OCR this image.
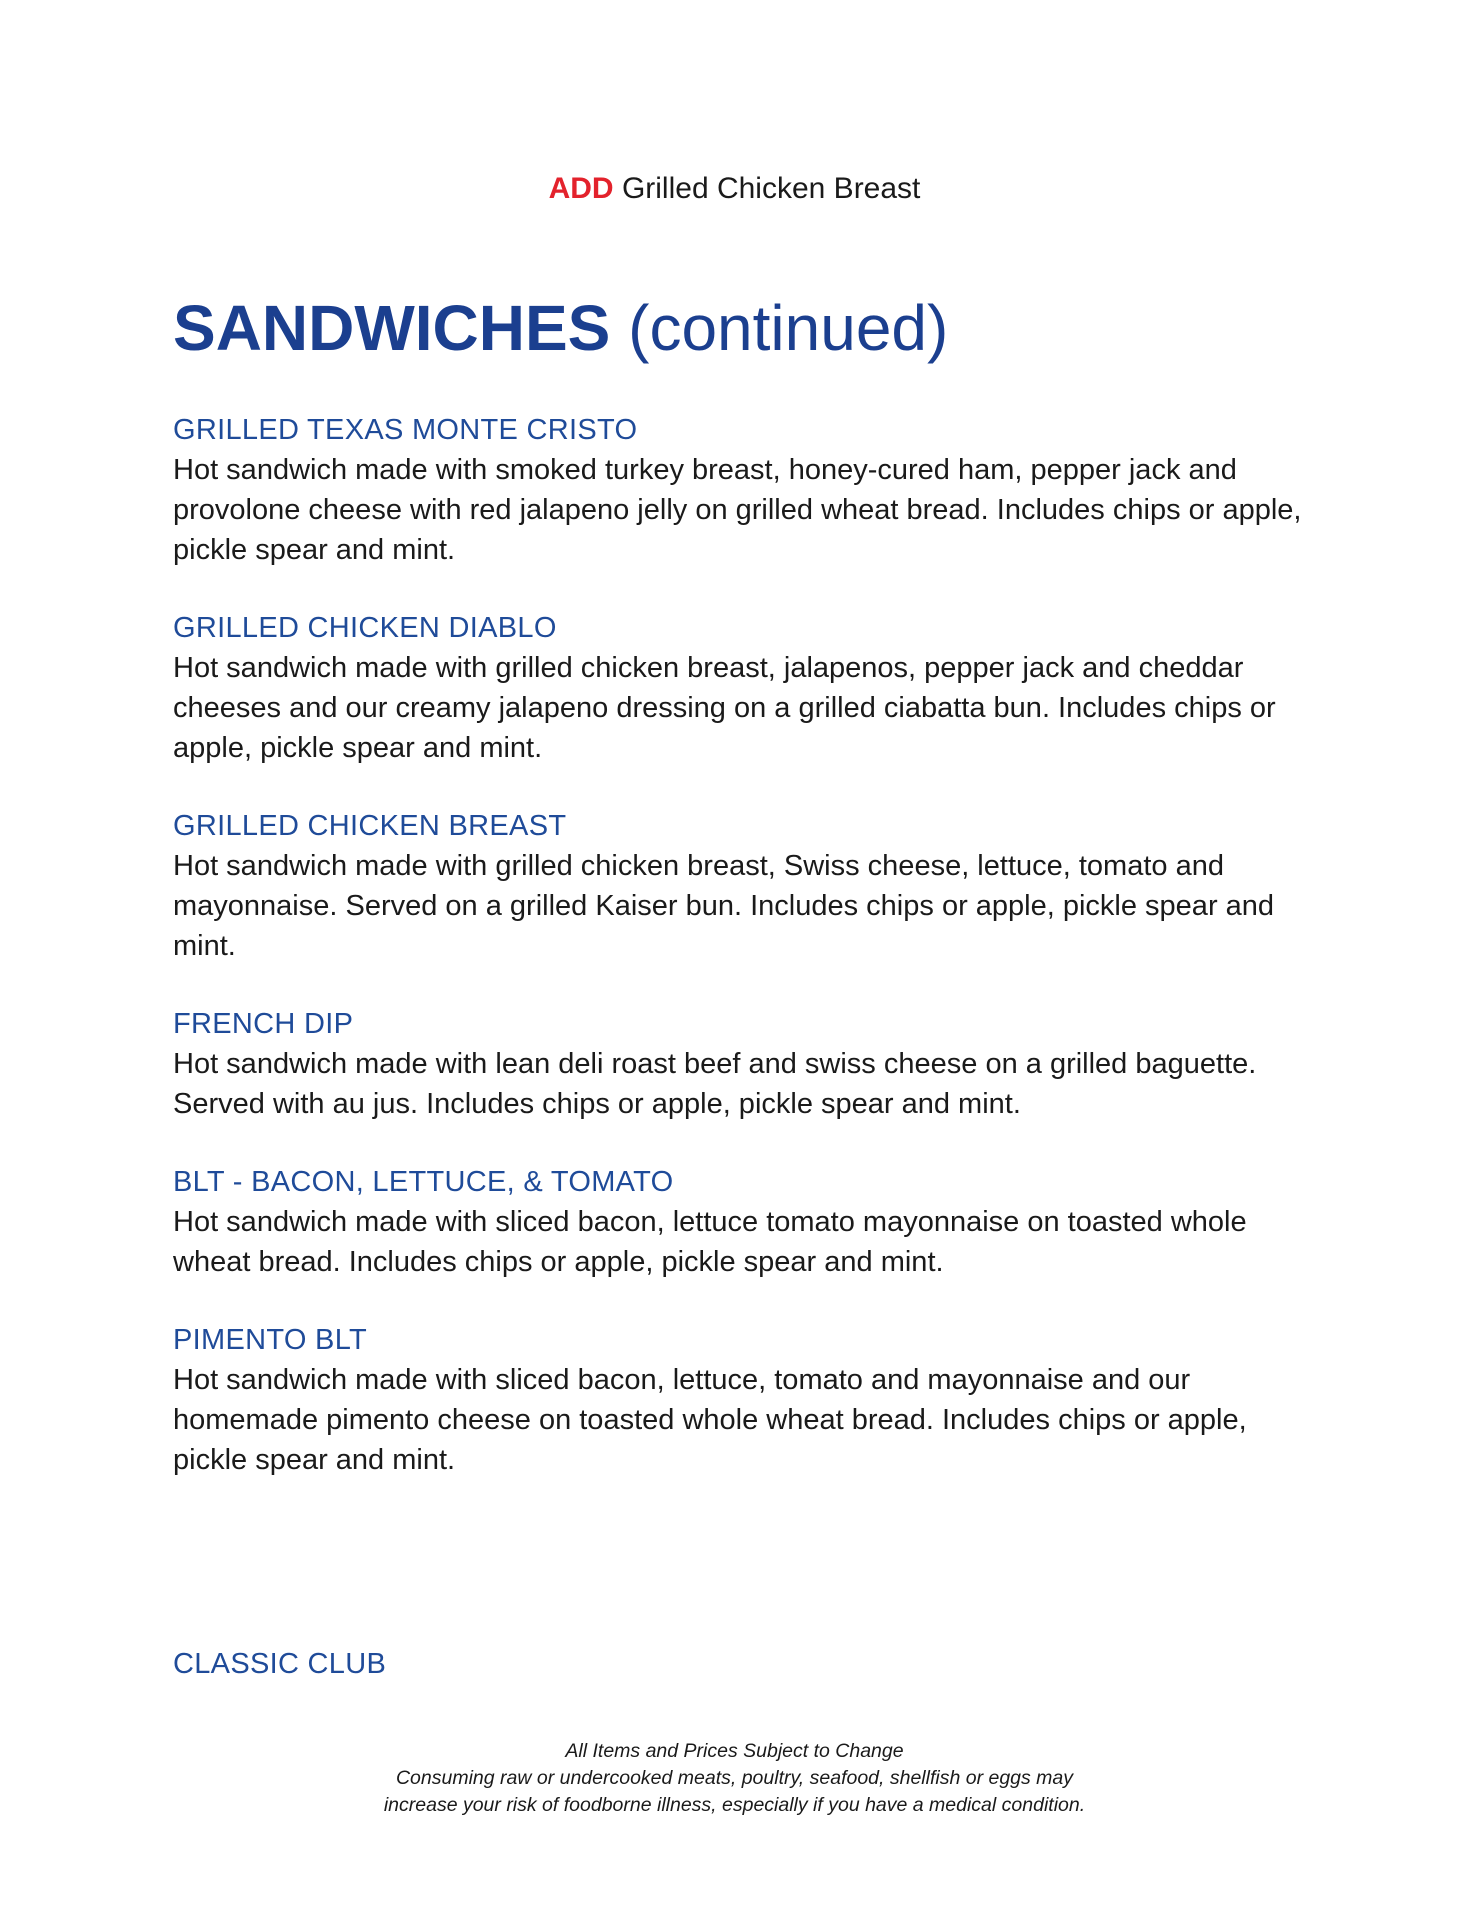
ADD Grilled Chicken Breast
SANDWICHES (continued)
GRILLED TEXAS MONTE CRISTO
Hot sandwich made with smoked turkey breast, honey-cured ham, pepper jack and provolone cheese with red jalapeno jelly on grilled wheat bread. Includes chips or apple, pickle spear and mint.
GRILLED CHICKEN DIABLO
Hot sandwich made with grilled chicken breast, jalapenos, pepper jack and cheddar cheeses and our creamy jalapeno dressing on a grilled ciabatta bun. Includes chips or apple, pickle spear and mint.
GRILLED CHICKEN BREAST
Hot sandwich made with grilled chicken breast, Swiss cheese, lettuce, tomato and mayonnaise. Served on a grilled Kaiser bun. Includes chips or apple, pickle spear and mint.
FRENCH DIP
Hot sandwich made with lean deli roast beef and swiss cheese on a grilled baguette. Served with au jus. Includes chips or apple, pickle spear and mint.
BLT - BACON, LETTUCE, & TOMATO
Hot sandwich made with sliced bacon, lettuce tomato mayonnaise on toasted whole wheat bread. Includes chips or apple, pickle spear and mint.
PIMENTO BLT
Hot sandwich made with sliced bacon, lettuce, tomato and mayonnaise and our homemade pimento cheese on toasted whole wheat bread. Includes chips or apple, pickle spear and mint.
CLASSIC CLUB
All Items and Prices Subject to Change
Consuming raw or undercooked meats, poultry, seafood, shellfish or eggs may
increase your risk of foodborne illness, especially if you have a medical condition.
